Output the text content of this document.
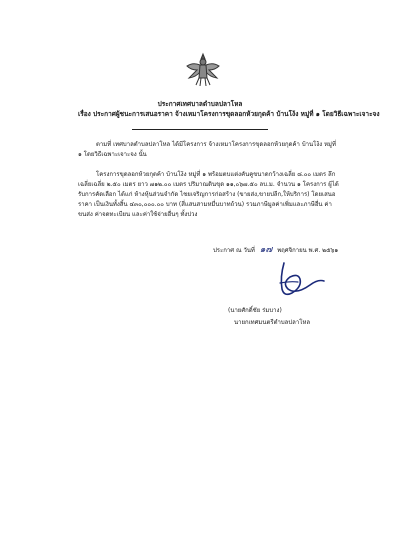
ประกาศเทศบาลตำบลปลาโหล
เรื่อง ประกาศผู้ชนะการเสนอราคา จ้างเหมาโครงการขุดลอกห้วยกุดค้า บ้านโง้ง หมู่ที่ ๑ โดยวิธีเฉพาะเจาะจง
ตามที่ เทศบาลตำบลปลาโหล ได้มีโครงการ จ้างเหมาโครงการขุดลอกห้วยกุดค้า บ้านโง้ง หมู่ที่ ๑ โดยวิธีเฉพาะเจาะจง นั้น
โครงการขุดลอกห้วยกุดค้า บ้านโง้ง หมู่ที่ ๑ พร้อมตบแต่งคันคูขนาดกว้างเฉลี่ย ๘.๐๐ เมตร ลึกเฉลี่ยเฉลี่ย ๒.๕๐ เมตร ยาว ๗๑๒.๐๐ เมตร ปริมาณดินขุด ๑๑,๐๖๗.๕๐ ลบ.ม. จำนวน ๑ โครงการ ผู้ได้รับการคัดเลือก ได้แก่ ห้างหุ้นส่วนจำกัด ไชยเจริญการก่อสร้าง (ขายส่ง,ขายปลีก,ให้บริการ) โดยเสนอราคา เป็นเงินทั้งสิ้น ๔๓๐,๐๐๐.๐๐ บาท (สี่แสนสามหมื่นบาทถ้วน) รวมภาษีมูลค่าเพิ่มและภาษีอื่น ค่าขนส่ง ค่าจดทะเบียน และค่าใช้จ่ายอื่นๆ ทั้งปวง
ประกาศ ณ วันที่ ๑๗ พฤศจิกายน พ.ศ. ๒๕๖๑
(นายศักดิ์ชัย ร่มบาง)
นายกเทศมนตรีตำบลปลาโหล
